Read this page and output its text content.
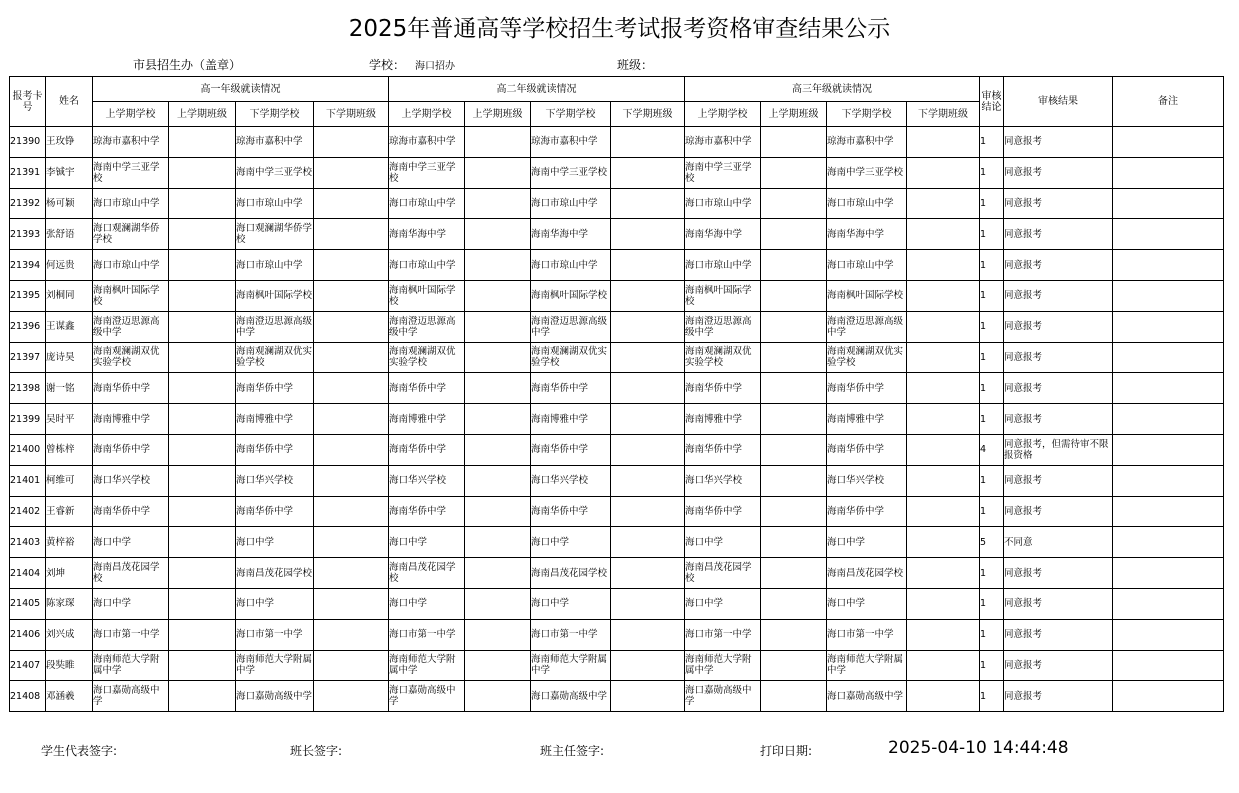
2025年普通高等学校招生考试报考资格审查结果公示
市县招生办（盖章）	学校： 海口招办	班级：
报考卡号	姓名	高一年级就读情况				高二年级就读情况				高三年级就读情况				审核结论	审核结果	备注
		上学期学校	上学期班级	下学期学校	下学期班级	上学期学校	上学期班级	下学期学校	下学期班级	上学期学校	上学期班级	下学期学校	下学期班级			
21390	王玫铮	琼海市嘉积中学		琼海市嘉积中学		琼海市嘉积中学		琼海市嘉积中学		琼海市嘉积中学		琼海市嘉积中学		1	同意报考	
21391	李铖宇	海南中学三亚学校		海南中学三亚学校		海南中学三亚学校		海南中学三亚学校		海南中学三亚学校		海南中学三亚学校		1	同意报考	
21392	杨可颖	海口市琼山中学		海口市琼山中学		海口市琼山中学		海口市琼山中学		海口市琼山中学		海口市琼山中学		1	同意报考	
21393	张舒语	海口观澜湖华侨学校		海口观澜湖华侨学校		海南华海中学		海南华海中学		海南华海中学		海南华海中学		1	同意报考	
21394	何远贵	海口市琼山中学		海口市琼山中学		海口市琼山中学		海口市琼山中学		海口市琼山中学		海口市琼山中学		1	同意报考	
21395	刘桐同	海南枫叶国际学校		海南枫叶国际学校		海南枫叶国际学校		海南枫叶国际学校		海南枫叶国际学校		海南枫叶国际学校		1	同意报考	
21396	王谋鑫	海南澄迈思源高级中学		海南澄迈思源高级中学		海南澄迈思源高级中学		海南澄迈思源高级中学		海南澄迈思源高级中学		海南澄迈思源高级中学		1	同意报考	
21397	庞诗昊	海南观澜湖双优实验学校		海南观澜湖双优实验学校		海南观澜湖双优实验学校		海南观澜湖双优实验学校		海南观澜湖双优实验学校		海南观澜湖双优实验学校		1	同意报考	
21398	谢一铭	海南华侨中学		海南华侨中学		海南华侨中学		海南华侨中学		海南华侨中学		海南华侨中学		1	同意报考	
21399	吴时平	海南博雅中学		海南博雅中学		海南博雅中学		海南博雅中学		海南博雅中学		海南博雅中学		1	同意报考	
21400	曾栋梓	海南华侨中学		海南华侨中学		海南华侨中学		海南华侨中学		海南华侨中学		海南华侨中学		4	同意报考，但需待审不限报资格	
21401	柯维可	海口华兴学校		海口华兴学校		海口华兴学校		海口华兴学校		海口华兴学校		海口华兴学校		1	同意报考	
21402	王睿新	海南华侨中学		海南华侨中学		海南华侨中学		海南华侨中学		海南华侨中学		海南华侨中学		1	同意报考	
21403	黄梓裕	海口中学		海口中学		海口中学		海口中学		海口中学		海口中学		5	不同意	
21404	刘坤	海南昌茂花园学校		海南昌茂花园学校		海南昌茂花园学校		海南昌茂花园学校		海南昌茂花园学校		海南昌茂花园学校		1	同意报考	
21405	陈家琛	海口中学		海口中学		海口中学		海口中学		海口中学		海口中学		1	同意报考	
21406	刘兴成	海口市第一中学		海口市第一中学		海口市第一中学		海口市第一中学		海口市第一中学		海口市第一中学		1	同意报考	
21407	段奘睢	海南师范大学附属中学		海南师范大学附属中学		海南师范大学附属中学		海南师范大学附属中学		海南师范大学附属中学		海南师范大学附属中学		1	同意报考	
21408	邓涵羲	海口嘉勋高级中学		海口嘉勋高级中学		海口嘉勋高级中学		海口嘉勋高级中学		海口嘉勋高级中学		海口嘉勋高级中学		1	同意报考	
学生代表签字:	班长签字:	班主任签字:	打印日期:	2025-04-10 14:44:48
